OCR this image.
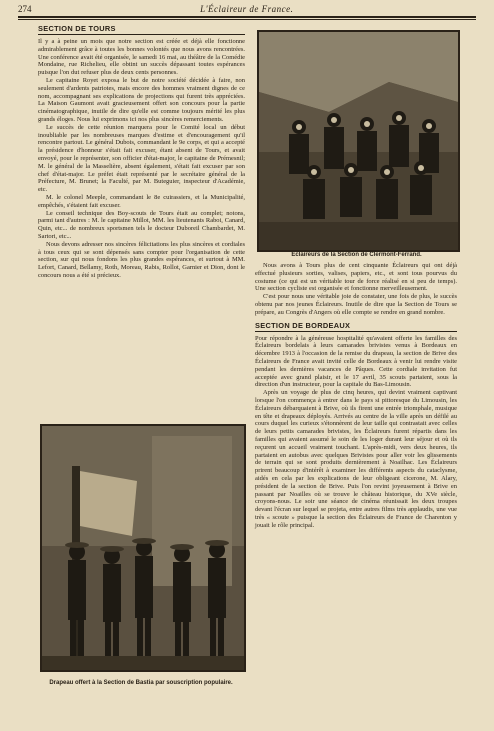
274	L'Éclaireur de France.
SECTION DE TOURS

Il y a à peine un mois que notre section est créée et déjà elle fonctionne admirablement grâce à toutes les bonnes volontés que nous avons rencontrées. Une conférence avait été organisée, le samedi 16 mai, au théâtre de la Comédie Mondaine, rue Richelieu, elle obtint un succès dépassant toutes espérances puisque l'on dut refuser plus de deux cents personnes.

Le capitaine Royet exposa le but de notre société décidée à faire, non seulement d'ardents patriotes, mais encore des hommes vraiment dignes de ce nom, accompagnant ses explications de projections qui furent très appréciées. La Maison Gaumont avait gracieusement offert son concours pour la partie cinématographique, inutile de dire qu'elle est comme toujours mérité les plus grands éloges. Nous lui exprimons ici nos plus sincères remerciements.

Le succès de cette réunion marquera pour le Comité local un début inoubliable par les nombreuses marques d'estime et d'encouragement qu'il rencontre partout. Le général Dubois, commandant le 9e corps, et qui a accepté la présidence d'honneur s'était fait excuser, étant absent de Tours, et avait envoyé, pour le représenter, son officier d'état-major, le capitaine de Prémesnil; M. le général de la Masselière, absent également, s'était fait excuser par son chef d'état-major. Le préfet était représenté par le secrétaire général de la Préfecture, M. Brunet; la Faculté, par M. Buteguier, inspecteur d'Académie, etc.

M. le colonel Meeple, commandant le 8e cuirassiers, et la Municipalité, empêchés, s'étaient fait excuser.

Le conseil technique des Boy-scouts de Tours était au complet; notons, parmi tant d'autres : M. le capitaine Millot, MM. les lieutenants Raboi, Canard, Quin, etc... de nombreux sportsmen tels le docteur Duboreil Chambardet, M. Sartori, etc...

Nous devons adresser nos sincères félicitations les plus sincères et cordiales à tous ceux qui se sont dépensés sans compter pour l'organisation de cette section, sur qui nous fondons les plus grandes espérances, et surtout à MM. Lefort, Canard, Bellamy, Roth, Moreau, Rabis, Rollot, Garnier et Dion, dont le concours nous a été si précieux.

Drapeau offert à la Section de Bastia par souscription populaire.
Éclaireurs de la Section de Clermont-Ferrand.

Nous avons à Tours plus de cent cinquante Éclaireurs qui ont déjà effectué plusieurs sorties, valises, papiers, etc., et sont tous pourvus du costume (ce qui est un véritable tour de force réalisé en si peu de temps). Une section cycliste est organisée et fonctionne merveilleusement.

C'est pour nous une véritable joie de constater, une fois de plus, le succès obtenu par nos jeunes Éclaireurs. Inutile de dire que la Section de Tours se prépare, au Congrès d'Angers où elle compte se rendre en grand nombre.

SECTION DE BORDEAUX

Pour répondre à la généreuse hospitalité qu'avaient offerte les familles des Éclaireurs bordelais à leurs camarades brivistes venus à Bordeaux en décembre 1913 à l'occasion de la remise du drapeau, la section de Brive des Éclaireurs de France avait invité celle de Bordeaux à venir lui rendre visite pendant les dernières vacances de Pâques. Cette cordiale invitation fut acceptée avec grand plaisir, et le 17 avril, 35 scouts partaient, sous la direction d'un instructeur, pour la capitale du Bas-Limousin.

Après un voyage de plus de cinq heures, qui devint vraiment captivant lorsque l'on commença à entrer dans le pays si pittoresque du Limousin, les Éclaireurs débarquaient à Brive, où ils firent une entrée triomphale, musique en tête et drapeaux déployés. Arrivés au centre de la ville après un défilé au cours duquel les curieux s'étonnèrent de leur taille qui contrastait avec celles de leurs petits camarades brivistes, les Éclaireurs furent répartis dans les familles qui avaient assumé le soin de les loger durant leur séjour et où ils reçurent un accueil vraiment touchant. L'après-midi, vers deux heures, ils partaient en autobus avec quelques Brivistes pour aller voir les glissements de terrain qui se sont produits dernièrement à Noailhac. Les Éclaireurs prirent beaucoup d'intérêt à examiner les différents aspects du cataclysme, aidés en cela par les explications de leur obligeant cicerone, M. Alary, président de la section de Brive. Puis l'on revint joyeusement à Brive en passant par Noailles où se trouve le château historique, du XVe siècle, croyons-nous. Le soir une séance de cinéma réunissait les deux troupes devant l'écran sur lequel se projeta, entre autres films très applaudis, une vue très « scoute » puisque la section des Éclaireurs de France de Charenton y jouait le rôle principal.
